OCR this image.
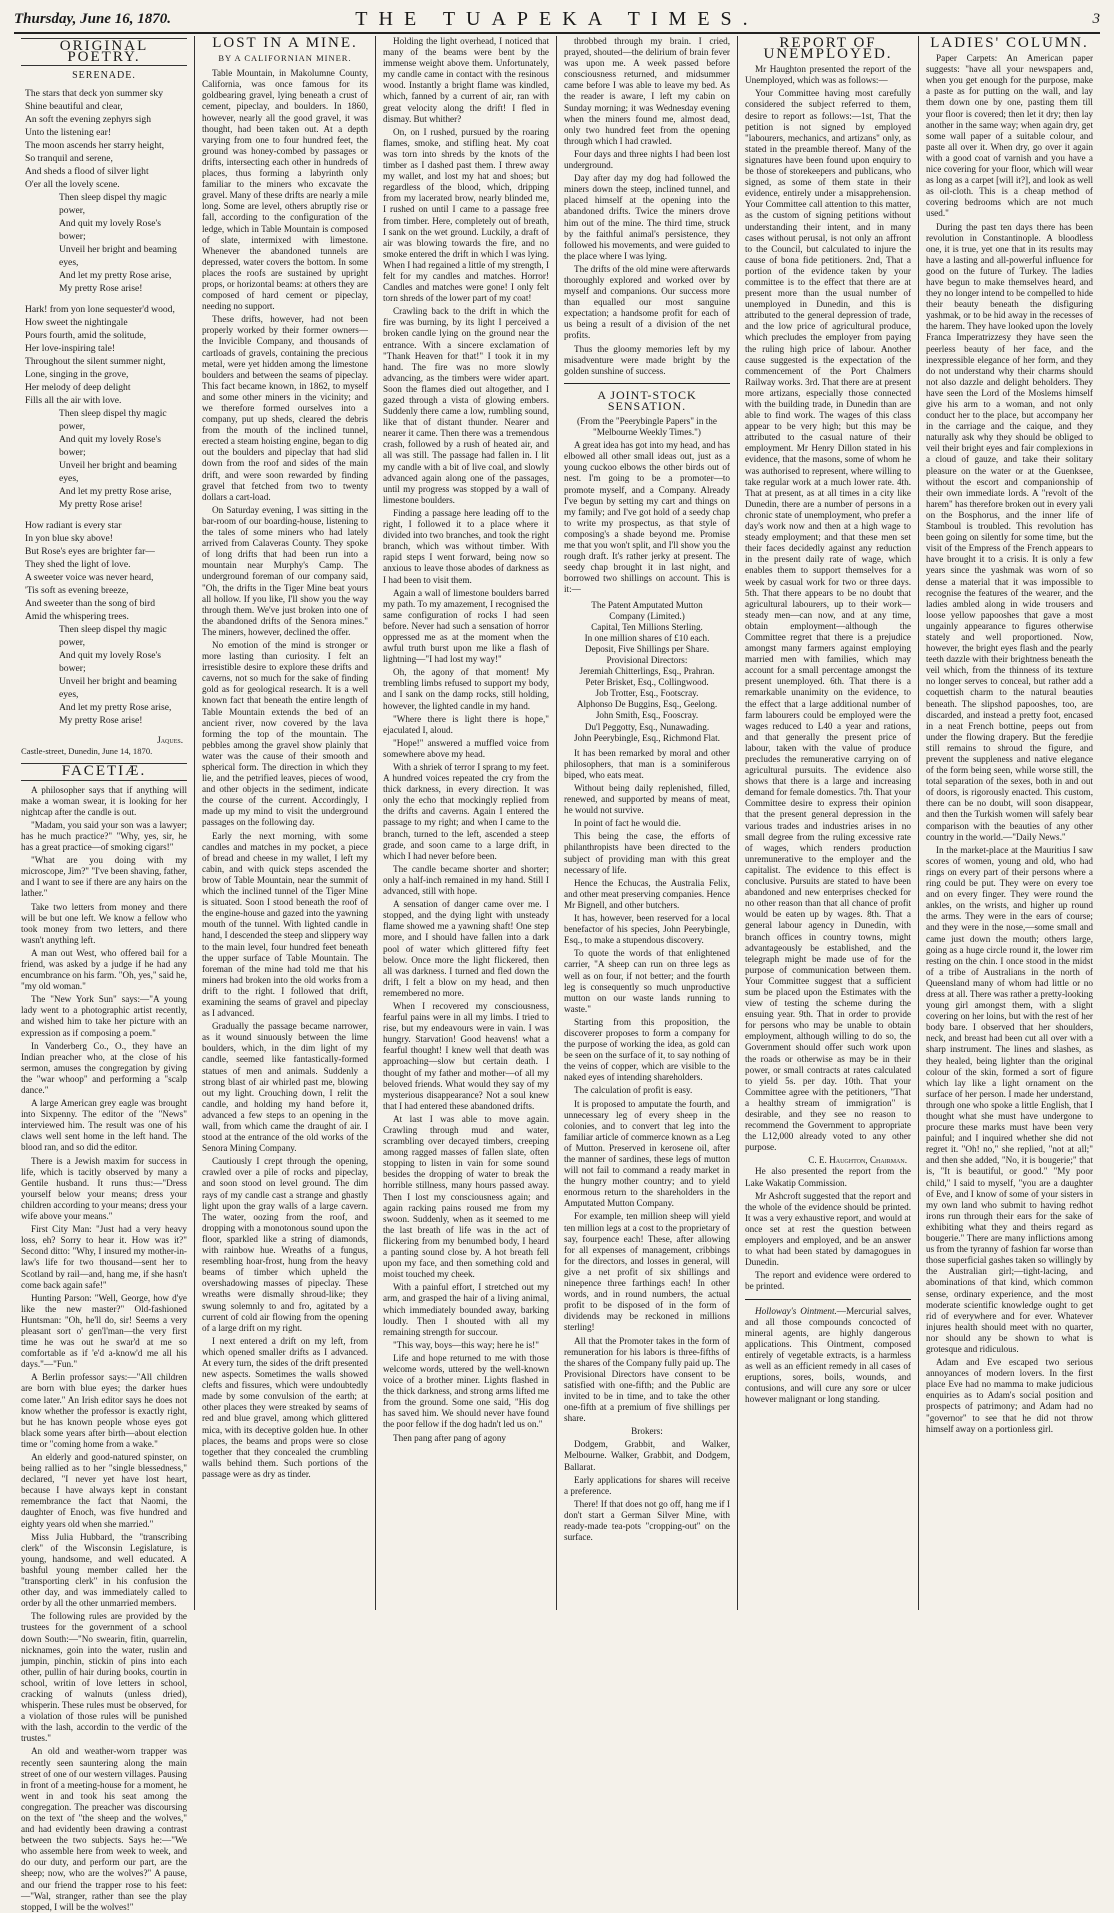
Thursday, June 16, 1870.	THE TUAPEKA TIMES.	3
ORIGINAL POETRY.
SERENADE.
The stars that deck yon summer sky
Shine beautiful and clear,
An soft the evening zephyrs sigh
Unto the listening ear!
The moon ascends her starry height,
So tranquil and serene,
And sheds a flood of silver light
O'er all the lovely scene.
Then sleep dispel thy magic power,
And quit my lovely Rose's bower;
Unveil her bright and beaming eyes,
And let my pretty Rose arise,
My pretty Rose arise!
Hark! from yon lone sequester'd wood,
How sweet the nightingale
Pours fourth, amid the solitude,
Her love-inspiring tale!
Throughout the silent summer night,
Lone, singing in the grove,
Her melody of deep delight
Fills all the air with love.
Then sleep dispel thy magic power,
And quit my lovely Rose's bower;
Unveil her bright and beaming eyes,
And let my pretty Rose arise,
My pretty Rose arise!
How radiant is every star
In yon blue sky above!
But Rose's eyes are brighter far—
They shed the light of love.
A sweeter voice was never heard,
'Tis soft as evening breeze,
And sweeter than the song of bird
Amid the whispering trees.
Then sleep dispel thy magic power,
And quit my lovely Rose's bower;
Unveil her bright and beaming eyes,
And let my pretty Rose arise,
My pretty Rose arise!
Jaques.
Castle-street, Dunedin, June 14, 1870.
FACETIÆ.

A philosopher says that if anything will make a woman swear, it is looking for her nightcap after the candle is out.

"Madam, you said your son was a lawyer; has he much practice?" "Why, yes, sir, he has a great practice—of smoking cigars!"

"What are you doing with my microscope, Jim?" "I've been shaving, father, and I want to see if there are any hairs on the lather."

Take two letters from money and there will be but one left. We know a fellow who took money from two letters, and there wasn't anything left.

A man out West, who offered bail for a friend, was asked by a judge if he had any encumbrance on his farm. "Oh, yes," said he, "my old woman."

The "New York Sun" says:—"A young lady went to a photographic artist recently, and wished him to take her picture with an expression as if composing a poem."

In Vanderberg Co., O., they have an Indian preacher who, at the close of his sermon, amuses the congregation by giving the "war whoop" and performing a "scalp dance."

A large American grey eagle was brought into Sixpenny. The editor of the "News" interviewed him. The result was one of his claws well sent home in the left hand. The blood ran, and so did the editor.

There is a Jewish maxim for success in life, which is tacitly observed by many a Gentile husband. It runs thus:—"Dress yourself below your means; dress your children according to your means; dress your wife above your means."

First City Man: "Just had a very heavy loss, eh? Sorry to hear it. How was it?" Second ditto: "Why, I insured my mother-in-law's life for two thousand—sent her to Scotland by rail—and, hang me, if she hasn't come back again safe!"

Hunting Parson: "Well, George, how d'ye like the new master?" Old-fashioned Huntsman: "Oh, he'll do, sir! Seems a very pleasant sort o' gen'l'man—the very first time he was out he swar'd at me so comfortable as if 'e'd a-know'd me all his days."—"Fun."

A Berlin professor says:—"All children are born with blue eyes; the darker hues come later." An Irish editor says he does not know whether the professor is exactly right, but he has known people whose eyes got black some years after birth—about election time or "coming home from a wake."

An elderly and good-natured spinster, on being rallied as to her "single blessedness," declared, "I never yet have lost heart, because I have always kept in constant remembrance the fact that Naomi, the daughter of Enoch, was five hundred and eighty years old when she married."

Miss Julia Hubbard, the "transcribing clerk" of the Wisconsin Legislature, is young, handsome, and well educated. A bashful young member called her the "transporting clerk" in his confusion the other day, and was immediately called to order by all the other unmarried members.

The following rules are provided by the trustees for the government of a school down South:—"No swearin, fitin, quarrelin, nicknames, goin into the water, ruslin and jumpin, pinchin, stickin of pins into each other, pullin of hair during books, courtin in school, writin of love letters in school, cracking of walnuts (unless dried), whisperin. These rules must be observed, for a violation of those rules will be punished with the lash, accordin to the verdic of the trustes."

An old and weather-worn trapper was recently seen sauntering along the main street of one of our western villages. Pausing in front of a meeting-house for a moment, he went in and took his seat among the congregation. The preacher was discoursing on the text of "the sheep and the wolves," and had evidently been drawing a contrast between the two subjects. Says he:—"We who assemble here from week to week, and do our duty, and perform our part, are the sheep; now, who are the wolves?" A pause, and our friend the trapper rose to his feet:—"Wal, stranger, rather than see the play stopped, I will be the wolves!"

LOST IN A MINE.
BY A CALIFORNIAN MINER.

Table Mountain, in Makolumne County, California, was once famous for its goldbearing gravel, lying beneath a crust of cement, pipeclay, and boulders. In 1860, however, nearly all the good gravel, it was thought, had been taken out. At a depth varying from one to four hundred feet, the ground was honey-combed by passages or drifts, intersecting each other in hundreds of places, thus forming a labyrinth only familiar to the miners who excavate the gravel. Many of these drifts are nearly a mile long. Some are level, others abruptly rise or fall, according to the configuration of the ledge, which in Table Mountain is composed of slate, intermixed with limestone. Whenever the abandoned tunnels are depressed, water covers the bottom. In some places the roofs are sustained by upright props, or horizontal beams: at others they are composed of hard cement or pipeclay, needing no support.

These drifts, however, had not been properly worked by their former owners—the Invicible Company, and thousands of cartloads of gravels, containing the precious metal, were yet hidden among the limestone boulders and between the seams of pipeclay. This fact became known, in 1862, to myself and some other miners in the vicinity; and we therefore formed ourselves into a company, put up sheds, cleared the debris from the mouth of the inclined tunnel, erected a steam hoisting engine, began to dig out the boulders and pipeclay that had slid down from the roof and sides of the main drift, and were soon rewarded by finding gravel that fetched from two to twenty dollars a cart-load.

On Saturday evening, I was sitting in the bar-room of our boarding-house, listening to the tales of some miners who had lately arrived from Calaveras County. They spoke of long drifts that had been run into a mountain near Murphy's Camp. The underground foreman of our company said, "Oh, the drifts in the Tiger Mine beat yours all hollow. If you like, I'll show you the way through them. We've just broken into one of the abandoned drifts of the Senora mines." The miners, however, declined the offer.

No emotion of the mind is stronger or more lasting than curiosity. I felt an irresistible desire to explore these drifts and caverns, not so much for the sake of finding gold as for geological research. It is a well known fact that beneath the entire length of Table Mountain extends the bed of an ancient river, now covered by the lava forming the top of the mountain. The pebbles among the gravel show plainly that water was the cause of their smooth and spherical form. The direction in which they lie, and the petrified leaves, pieces of wood, and other objects in the sediment, indicate the course of the current. Accordingly, I made up my mind to visit the underground passages on the following day.

Early the next morning, with some candles and matches in my pocket, a piece of bread and cheese in my wallet, I left my cabin, and with quick steps ascended the brow of Table Mountain, near the summit of which the inclined tunnel of the Tiger Mine is situated. Soon I stood beneath the roof of the engine-house and gazed into the yawning mouth of the tunnel. With lighted candle in hand, I descended the steep and slippery way to the main level, four hundred feet beneath the upper surface of Table Mountain. The foreman of the mine had told me that his miners had broken into the old works from a drift to the right. I followed that drift, examining the seams of gravel and pipeclay as I advanced.

Gradually the passage became narrower, as it wound sinuously between the lime boulders, which, in the dim light of my candle, seemed like fantastically-formed statues of men and animals. Suddenly a strong blast of air whirled past me, blowing out my light. Crouching down, I relit the candle, and holding my hand before it, advanced a few steps to an opening in the wall, from which came the draught of air. I stood at the entrance of the old works of the Senora Mining Company.

Cautiously I crept through the opening, crawled over a pile of rocks and pipeclay, and soon stood on level ground. The dim rays of my candle cast a strange and ghastly light upon the gray walls of a large cavern. The water, oozing from the roof, and dropping with a monotonous sound upon the floor, sparkled like a string of diamonds, with rainbow hue. Wreaths of a fungus, resembling hoar-frost, hung from the heavy beams of timber which upheld the overshadowing masses of pipeclay. These wreaths were dismally shroud-like; they swung solemnly to and fro, agitated by a current of cold air flowing from the opening of a large drift on my right.

I next entered a drift on my left, from which opened smaller drifts as I advanced. At every turn, the sides of the drift presented new aspects. Sometimes the walls showed clefts and fissures, which were undoubtedly made by some convulsion of the earth; at other places they were streaked by seams of red and blue gravel, among which glittered mica, with its deceptive golden hue. In other places, the beams and props were so close together that they concealed the crumbling walls behind them. Such portions of the passage were as dry as tinder.

Holding the light overhead, I noticed that many of the beams were bent by the immense weight above them. Unfortunately, my candle came in contact with the resinous wood. Instantly a bright flame was kindled, which, fanned by a current of air, ran with great velocity along the drift! I fled in dismay. But whither?

On, on I rushed, pursued by the roaring flames, smoke, and stifling heat. My coat was torn into shreds by the knots of the timber as I dashed past them. I threw away my wallet, and lost my hat and shoes; but regardless of the blood, which, dripping from my lacerated brow, nearly blinded me, I rushed on until I came to a passage free from timber. Here, completely out of breath, I sank on the wet ground. Luckily, a draft of air was blowing towards the fire, and no smoke entered the drift in which I was lying. When I had regained a little of my strength, I felt for my candles and matches. Horror! Candles and matches were gone! I only felt torn shreds of the lower part of my coat!

Crawling back to the drift in which the fire was burning, by its light I perceived a broken candle lying on the ground near the entrance. With a sincere exclamation of "Thank Heaven for that!" I took it in my hand. The fire was no more slowly advancing, as the timbers were wider apart. Soon the flames died out altogether, and I gazed through a vista of glowing embers. Suddenly there came a low, rumbling sound, like that of distant thunder. Nearer and nearer it came. Then there was a tremendous crash, followed by a rush of heated air, and all was still. The passage had fallen in. I lit my candle with a bit of live coal, and slowly advanced again along one of the passages, until my progress was stopped by a wall of limestone boulders.

Finding a passage here leading off to the right, I followed it to a place where it divided into two branches, and took the right branch, which was without timber. With rapid steps I went forward, being now so anxious to leave those abodes of darkness as I had been to visit them.

Again a wall of limestone boulders barred my path. To my amazement, I recognised the same configuration of rocks I had seen before. Never had such a sensation of horror oppressed me as at the moment when the awful truth burst upon me like a flash of lightning—"I had lost my way!"

Oh, the agony of that moment! My trembling limbs refused to support my body, and I sank on the damp rocks, still holding, however, the lighted candle in my hand.

"Where there is light there is hope," ejaculated I, aloud.

"Hope!" answered a muffled voice from somewhere above my head.

With a shriek of terror I sprang to my feet. A hundred voices repeated the cry from the thick darkness, in every direction. It was only the echo that mockingly replied from the drifts and caverns. Again I entered the passage to my right; and when I came to the branch, turned to the left, ascended a steep grade, and soon came to a large drift, in which I had never before been.

The candle became shorter and shorter; only a half-inch remained in my hand. Still I advanced, still with hope.

A sensation of danger came over me. I stopped, and the dying light with unsteady flame showed me a yawning shaft! One step more, and I should have fallen into a dark pool of water which glittered fifty feet below. Once more the light flickered, then all was darkness. I turned and fled down the drift, I felt a blow on my head, and then remembered no more.

When I recovered my consciousness, fearful pains were in all my limbs. I tried to rise, but my endeavours were in vain. I was hungry. Starvation! Good heavens! what a fearful thought! I knew well that death was approaching—slow but certain death. I thought of my father and mother—of all my beloved friends. What would they say of my mysterious disappearance? Not a soul knew that I had entered these abandoned drifts.

At last I was able to move again. Crawling through mud and water, scrambling over decayed timbers, creeping among ragged masses of fallen slate, often stopping to listen in vain for some sound besides the dropping of water to break the horrible stillness, many hours passed away. Then I lost my consciousness again; and again racking pains roused me from my swoon. Suddenly, when as it seemed to me the last breath of life was in the act of flickering from my benumbed body, I heard a panting sound close by. A hot breath fell upon my face, and then something cold and moist touched my cheek.

With a painful effort, I stretched out my arm, and grasped the hair of a living animal, which immediately bounded away, barking loudly. Then I shouted with all my remaining strength for succour.

"This way, boys—this way; here he is!"

Life and hope returned to me with those welcome words, uttered by the well-known voice of a brother miner. Lights flashed in the thick darkness, and strong arms lifted me from the ground. Some one said, "His dog has saved him. We should never have found the poor fellow if the dog hadn't led us on."

Then pang after pang of agony

throbbed through my brain. I cried, prayed, shouted—the delirium of brain fever was upon me. A week passed before consciousness returned, and midsummer came before I was able to leave my bed. As the reader is aware, I left my cabin on Sunday morning; it was Wednesday evening when the miners found me, almost dead, only two hundred feet from the opening through which I had crawled.

Four days and three nights I had been lost underground.

Day after day my dog had followed the miners down the steep, inclined tunnel, and placed himself at the opening into the abandoned drifts. Twice the miners drove him out of the mine. The third time, struck by the faithful animal's persistence, they followed his movements, and were guided to the place where I was lying.

The drifts of the old mine were afterwards thoroughly explored and worked over by myself and companions. Our success more than equalled our most sanguine expectation; a handsome profit for each of us being a result of a division of the net profits.

Thus the gloomy memories left by my misadventure were made bright by the golden sunshine of success.

A JOINT-STOCK SENSATION.

(From the "Peerybingle Papers" in the "Melbourne Weekly Times.")

A great idea has got into my head, and has elbowed all other small ideas out, just as a young cuckoo elbows the other birds out of nest. I'm going to be a promoter—to promote myself, and a Company. Already I've begun by setting my cart and things on my family; and I've got hold of a seedy chap to write my prospectus, as that style of composing's a shade beyond me. Promise me that you won't split, and I'll show you the rough draft. It's rather jerky at present. The seedy chap brought it in last night, and borrowed two shillings on account. This is it:—

The Patent Amputated Mutton

Company (Limited.)

Capital, Ten Millions Sterling.

In one million shares of £10 each.

Deposit, Five Shillings per Share.

Provisional Directors:

Jeremiah Chitterlings, Esq., Prahran.

Peter Brisket, Esq., Collingwood.

Job Trotter, Esq., Footscray.

Alphonso De Buggins, Esq., Geelong.

John Smith, Esq., Fooscray.

Du'l Peggotty, Esq., Nunawading.

John Peerybingle, Esq., Richmond Flat.

It has been remarked by moral and other philosophers, that man is a sominiferous biped, who eats meat.

Without being daily replenished, filled, renewed, and supported by means of meat, he would not survive.

In point of fact he would die.

This being the case, the efforts of philanthropists have been directed to the subject of providing man with this great necessary of life.

Hence the Echucas, the Australia Felix, and other meat preserving companies. Hence Mr Bignell, and other butchers.

It has, however, been reserved for a local benefactor of his species, John Peerybingle, Esq., to make a stupendous discovery.

To quote the words of that enlightened carrier, "A sheep can run on three legs as well as on four, if not better; and the fourth leg is consequently so much unproductive mutton on our waste lands running to waste."

Starting from this proposition, the discoverer proposes to form a company for the purpose of working the idea, as gold can be seen on the surface of it, to say nothing of the veins of copper, which are visible to the naked eyes of intending shareholders.

The calculation of profit is easy.

It is proposed to amputate the fourth, and unnecessary leg of every sheep in the colonies, and to convert that leg into the familiar article of commerce known as a Leg of Mutton. Preserved in kerosene oil, after the manner of sardines, these legs of mutton will not fail to command a ready market in the hungry mother country; and to yield enormous return to the shareholders in the Amputated Mutton Company.

For example, ten million sheep will yield ten million legs at a cost to the proprietary of say, fourpence each! These, after allowing for all expenses of management, cribbings for the directors, and losses in general, will give a net profit of six shillings and ninepence three farthings each! In other words, and in round numbers, the actual profit to be disposed of in the form of dividends may be reckoned in millions sterling!

All that the Promoter takes in the form of remuneration for his labors is three-fifths of the shares of the Company fully paid up. The Provisional Directors have consent to be satisfied with one-fifth; and the Public are invited to be in time, and to take the other one-fifth at a premium of five shillings per share.

Brokers:

Dodgem, Grabbit, and Walker, Melbourne. Walker, Grabbit, and Dodgem, Ballarat.

Early applications for shares will receive a preference.

There! If that does not go off, hang me if I don't start a German Silver Mine, with ready-made tea-pots "cropping-out" on the surface.

REPORT OF UNEMPLOYED.

Mr Haughton presented the report of the Unemployed, which was as follows:—

Your Committee having most carefully considered the subject referred to them, desire to report as follows:—1st, That the petition is not signed by employed "labourers, mechanics, and artizans" only, as stated in the preamble thereof. Many of the signatures have been found upon enquiry to be those of storekeepers and publicans, who signed, as some of them state in their evidence, entirely under a misapprehension. Your Committee call attention to this matter, as the custom of signing petitions without understanding their intent, and in many cases without perusal, is not only an affront to the Council, but calculated to injure the cause of bona fide petitioners. 2nd, That a portion of the evidence taken by your committee is to the effect that there are at present more than the usual number of unemployed in Dunedin, and this is attributed to the general depression of trade, and the low price of agricultural produce, which precludes the employer from paying the ruling high price of labour. Another cause suggested is the expectation of the commencement of the Port Chalmers Railway works. 3rd. That there are at present more artizans, especially those connected with the building trade, in Dunedin than are able to find work. The wages of this class appear to be very high; but this may be attributed to the casual nature of their employment. Mr Henry Dillon stated in his evidence, that the masons, some of whom he was authorised to represent, where willing to take regular work at a much lower rate. 4th. That at present, as at all times in a city like Dunedin, there are a number of persons in a chronic state of unemployment, who prefer a day's work now and then at a high wage to steady employment; and that these men set their faces decidedly against any reduction in the present daily rate of wage, which enables them to support themselves for a week by casual work for two or three days. 5th. That there appears to be no doubt that agricultural labourers, up to their work—steady men—can now, and at any time, obtain employment—although the Committee regret that there is a prejudice amongst many farmers against employing married men with families, which may account for a small percentage amongst the present unemployed. 6th. That there is a remarkable unanimity on the evidence, to the effect that a large additional number of farm labourers could be employed were the wages reduced to L40 a year and rations, and that generally the present price of labour, taken with the value of produce precludes the remunerative carrying on of agricultural pursuits. The evidence also shows that there is a large and increasing demand for female domestics. 7th. That your Committee desire to express their opinion that the present general depression in the various trades and industries arises in no small degree from the ruling excessive rate of wages, which renders production unremunerative to the employer and the capitalist. The evidence to this effect is conclusive. Pursuits are stated to have been abandoned and new enterprises checked for no other reason than that all chance of profit would be eaten up by wages. 8th. That a general labour agency in Dunedin, with branch offices in country towns, might advantageously be established, and the telegraph might be made use of for the purpose of communication between them. Your Committee suggest that a sufficient sum be placed upon the Estimates with the view of testing the scheme during the ensuing year. 9th. That in order to provide for persons who may be unable to obtain employment, although willing to do so, the Government should offer such work upon the roads or otherwise as may be in their power, or small contracts at rates calculated to yield 5s. per day. 10th. That your Committee agree with the petitioners, "That a healthy stream of immigration" is desirable, and they see no reason to recommend the Government to appropriate the L12,000 already voted to any other purpose.

C. E. Haughton, Chairman.

He also presented the report from the Lake Wakatip Commission.

Mr Ashcroft suggested that the report and the whole of the evidence should be printed. It was a very exhaustive report, and would at once set at rest the question between employers and employed, and be an answer to what had been stated by damagogues in Dunedin.

The report and evidence were ordered to be printed.

Holloway's Ointment.—Mercurial salves, and all those compounds concocted of mineral agents, are highly dangerous applications. This Ointment, composed entirely of vegetable extracts, is a harmless as well as an efficient remedy in all cases of eruptions, sores, boils, wounds, and contusions, and will cure any sore or ulcer however malignant or long standing.

LADIES' COLUMN.

Paper Carpets: An American paper suggests: "have all your newspapers and, when you get enough for the purpose, make a paste as for putting on the wall, and lay them down one by one, pasting them till your floor is covered; then let it dry; then lay another in the same way; when again dry, get some wall paper of a suitable colour, and paste all over it. When dry, go over it again with a good coat of varnish and you have a nice covering for your floor, which will wear as long as a carpet [will it?], and look as well as oil-cloth. This is a cheap method of covering bedrooms which are not much used."

During the past ten days there has been revolution in Constantinople. A bloodless one, it is true, yet one that in its results may have a lasting and all-powerful influence for good on the future of Turkey. The ladies have begun to make themselves heard, and they no longer intend to be compelled to hide their beauty beneath the disfiguring yashmak, or to be hid away in the recesses of the harem. They have looked upon the lovely Franca Imperatrizzesy they have seen the peerless beauty of her face, and the inexpressible elegance of her form, and they do not understand why their charms should not also dazzle and delight beholders. They have seen the Lord of the Moslems himself give his arm to a woman, and not only conduct her to the place, but accompany her in the carriage and the caique, and they naturally ask why they should be obliged to veil their bright eyes and fair complexions in a cloud of gauze, and take their solitary pleasure on the water or at the Guenksee, without the escort and companionship of their own immediate lords. A "revolt of the harem" has therefore broken out in every yali on the Bosphorus, and the inner life of Stamboul is troubled. This revolution has been going on silently for some time, but the visit of the Empress of the French appears to have brought it to a crisis. It is only a few years since the yashmak was worn of so dense a material that it was impossible to recognise the features of the wearer, and the ladies ambled along in wide trousers and loose yellow papooshes that gave a most ungainly appearance to figures otherwise stately and well proportioned. Now, however, the bright eyes flash and the pearly teeth dazzle with their brightness beneath the veil which, from the thinness of its texture no longer serves to conceal, but rather add a coquettish charm to the natural beauties beneath. The slipshod papooshes, too, are discarded, and instead a pretty foot, encased in a neat French bottine, peeps out from under the flowing drapery. But the feredjie still remains to shroud the figure, and prevent the suppleness and native elegance of the form being seen, while worse still, the total separation of the sexes, both in and out of doors, is rigorously enacted. This custom, there can be no doubt, will soon disappear, and then the Turkish women will safely bear comparison with the beauties of any other country in the world.—"Daily News."

In the market-place at the Mauritius I saw scores of women, young and old, who had rings on every part of their persons where a ring could be put. They were on every toe and on every finger. They were round the ankles, on the wrists, and higher up round the arms. They were in the ears of course; and they were in the nose,—some small and came just down the mouth; others large, going as a huge circle round it, the lower rim resting on the chin. I once stood in the midst of a tribe of Australians in the north of Queensland many of whom had little or no dress at all. There was rather a pretty-looking young girl amongst them, with a slight covering on her loins, but with the rest of her body bare. I observed that her shoulders, neck, and breast had been cut all over with a sharp instrument. The lines and slashes, as they healed, being lighter than the original colour of the skin, formed a sort of figure which lay like a light ornament on the surface of her person. I made her understand, through one who spoke a little English, that I thought what she must have undergone to procure these marks must have been very painful; and I inquired whether she did not regret it. "Oh! no," she replied, "not at all;" and then she added, "No, it is bougerie;" that is, "It is beautiful, or good." "My poor child," I said to myself, "you are a daughter of Eve, and I know of some of your sisters in my own land who submit to having redhot irons run through their ears for the sake of exhibiting what they and theirs regard as bougerie." There are many inflictions among us from the tyranny of fashion far worse than those superficial gashes taken so willingly by the Australian girl;—tight-lacing, and abominations of that kind, which common sense, ordinary experience, and the most moderate scientific knowledge ought to get rid of everywhere and for ever. Whatever injures health should meet with no quarter, nor should any be shown to what is grotesque and ridiculous.

Adam and Eve escaped two serious annoyances of modern lovers. In the first place Eve had no mamma to make judicious enquiries as to Adam's social position and prospects of patrimony; and Adam had no "governor" to see that he did not throw himself away on a portionless girl.
